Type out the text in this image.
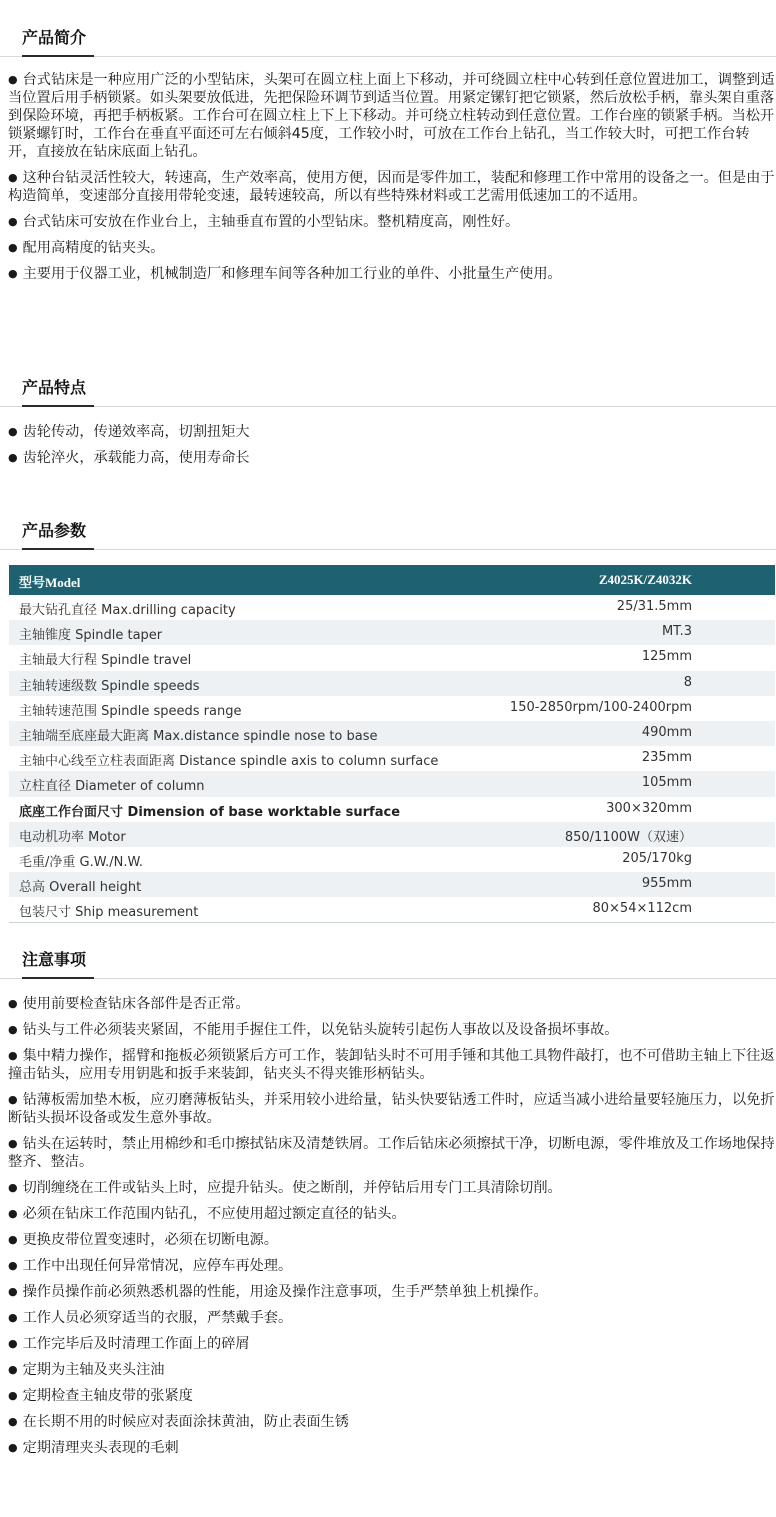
产品简介
● 台式钻床是一种应用广泛的小型钻床，头架可在圆立柱上面上下移动，并可绕圆立柱中心转到任意位置进加工，调整到适当位置后用手柄锁紧。如头架要放低进，先把保险环调节到适当位置。用紧定镙钉把它锁紧，然后放松手柄，靠头架自重落到保险环境，再把手柄板紧。工作台可在圆立柱上下上下移动。并可绕立柱转动到任意位置。工作台座的锁紧手柄。当松开锁紧螺钉时，工作台在垂直平面还可左右倾斜45度，工作较小时，可放在工作台上钻孔，当工作较大时，可把工作台转开，直接放在钻床底面上钻孔。
● 这种台钻灵活性较大，转速高，生产效率高，使用方便，因而是零件加工，装配和修理工作中常用的设备之一。但是由于构造简单，变速部分直接用带轮变速，最转速较高，所以有些特殊材料或工艺需用低速加工的不适用。
● 台式钻床可安放在作业台上，主轴垂直布置的小型钻床。整机精度高，刚性好。
● 配用高精度的钻夹头。
● 主要用于仪器工业，机械制造厂和修理车间等各种加工行业的单件、小批量生产使用。
产品特点
● 齿轮传动，传递效率高，切割扭矩大
● 齿轮淬火，承载能力高，使用寿命长
产品参数
型号Model	Z4025K/Z4032K
最大钻孔直径 Max.drilling capacity	25/31.5mm
主轴锥度 Spindle taper	MT.3
主轴最大行程 Spindle travel	125mm
主轴转速级数 Spindle speeds	8
主轴转速范围 Spindle speeds range	150-2850rpm/100-2400rpm
主轴端至底座最大距离 Max.distance spindle nose to base	490mm
主轴中心线至立柱表面距离 Distance spindle axis to column surface	235mm
立柱直径 Diameter of column	105mm
底座工作台面尺寸 Dimension of base worktable surface	300×320mm
电动机功率 Motor	850/1100W（双速）
毛重/净重 G.W./N.W.	205/170kg
总高 Overall height	955mm
包装尺寸 Ship measurement	80×54×112cm
注意事项
● 使用前要检查钻床各部件是否正常。
● 钻头与工件必须装夹紧固，不能用手握住工件，以免钻头旋转引起伤人事故以及设备损坏事故。
● 集中精力操作，摇臂和拖板必须锁紧后方可工作，装卸钻头时不可用手锤和其他工具物件敲打，也不可借助主轴上下往返撞击钻头，应用专用钥匙和扳手来装卸，钻夹头不得夹锥形柄钻头。
● 钻薄板需加垫木板，应刃磨薄板钻头，并采用较小进给量，钻头快要钻透工件时，应适当减小进给量要轻施压力，以免折断钻头损坏设备或发生意外事故。
● 钻头在运转时，禁止用棉纱和毛巾擦拭钻床及清楚铁屑。工作后钻床必须擦拭干净，切断电源，零件堆放及工作场地保持整齐、整洁。
● 切削缠绕在工件或钻头上时，应提升钻头。使之断削，并停钻后用专门工具清除切削。
● 必须在钻床工作范围内钻孔，不应使用超过额定直径的钻头。
● 更换皮带位置变速时，必须在切断电源。
● 工作中出现任何异常情况，应停车再处理。
● 操作员操作前必须熟悉机器的性能，用途及操作注意事项，生手严禁单独上机操作。
● 工作人员必须穿适当的衣服，严禁戴手套。
● 工作完毕后及时清理工作面上的碎屑
● 定期为主轴及夹头注油
● 定期检查主轴皮带的张紧度
● 在长期不用的时候应对表面涂抹黄油，防止表面生锈
● 定期清理夹头表现的毛刺
